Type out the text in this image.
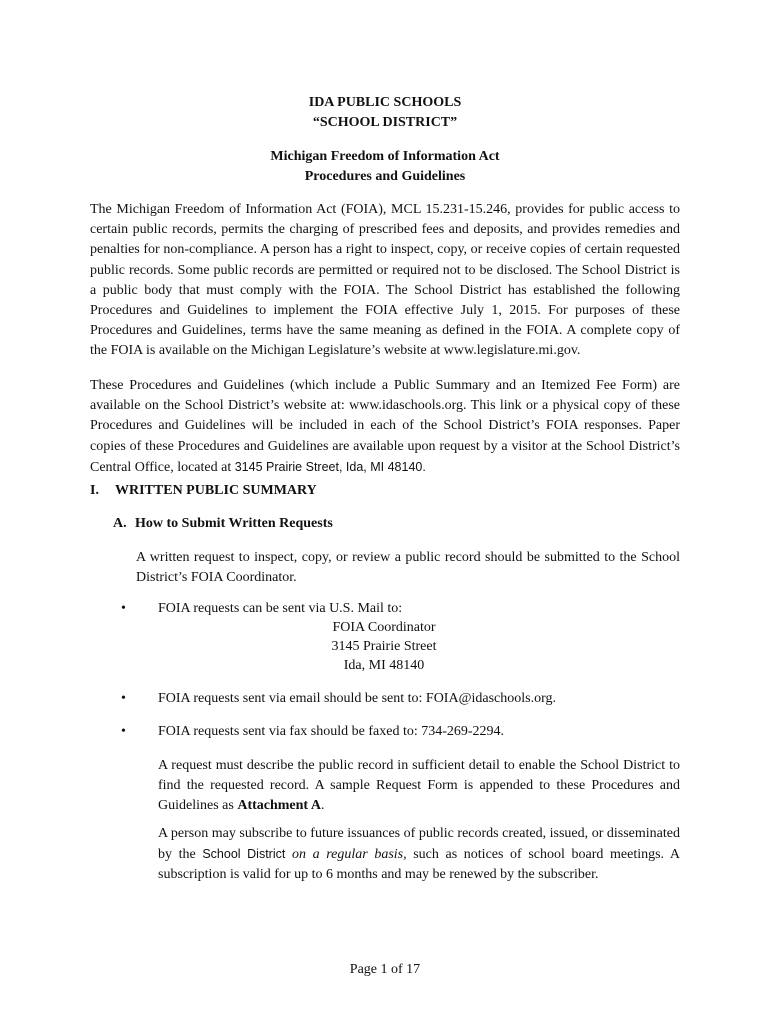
IDA PUBLIC SCHOOLS
“SCHOOL DISTRICT”
Michigan Freedom of Information Act
Procedures and Guidelines

The Michigan Freedom of Information Act (FOIA), MCL 15.231-15.246, provides for public access to certain public records, permits the charging of prescribed fees and deposits, and provides remedies and penalties for non-compliance. A person has a right to inspect, copy, or receive copies of certain requested public records. Some public records are permitted or required not to be disclosed. The School District is a public body that must comply with the FOIA. The School District has established the following Procedures and Guidelines to implement the FOIA effective July 1, 2015. For purposes of these Procedures and Guidelines, terms have the same meaning as defined in the FOIA. A complete copy of the FOIA is available on the Michigan Legislature’s website at www.legislature.mi.gov.

These Procedures and Guidelines (which include a Public Summary and an Itemized Fee Form) are available on the School District’s website at: www.idaschools.org. This link or a physical copy of these Procedures and Guidelines will be included in each of the School District’s FOIA responses. Paper copies of these Procedures and Guidelines are available upon request by a visitor at the School District’s Central Office, located at 3145 Prairie Street, Ida, MI 48140.

I. WRITTEN PUBLIC SUMMARY
A. How to Submit Written Requests

A written request to inspect, copy, or review a public record should be submitted to the School District’s FOIA Coordinator.

• FOIA requests can be sent via U.S. Mail to:
FOIA Coordinator
3145 Prairie Street
Ida, MI 48140
• FOIA requests sent via email should be sent to: FOIA@idaschools.org.
• FOIA requests sent via fax should be faxed to: 734-269-2294.

A request must describe the public record in sufficient detail to enable the School District to find the requested record. A sample Request Form is appended to these Procedures and Guidelines as Attachment A.

A person may subscribe to future issuances of public records created, issued, or disseminated by the School District on a regular basis, such as notices of school board meetings. A subscription is valid for up to 6 months and may be renewed by the subscriber.

Page 1 of 17
